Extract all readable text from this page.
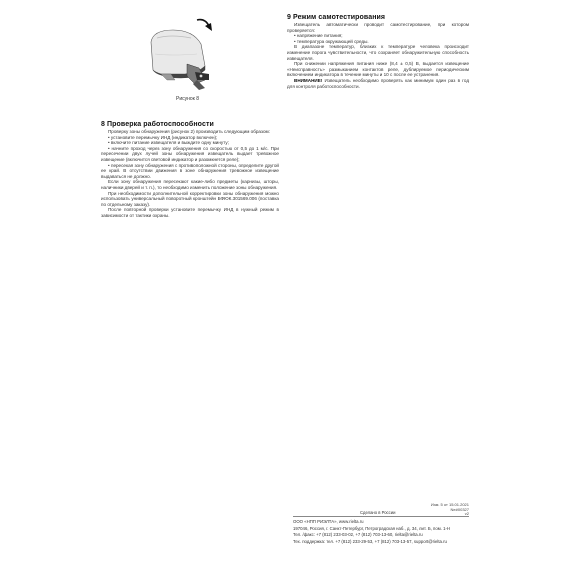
Рисунок 8
8 Проверка работоспособности

Проверку зоны обнаружения (рисунок 2) производить следующим образом:

• установите перемычку ИНД (индикатор включен);

• включите питание извещателя и выждите одну минуту;

• начните проход через зону обнаружения со скоростью от 0,5 до 1 м/с. При пересечении двух лучей зоны обнаружения извещатель выдает тревожное извещение (включится световой индикатор и разомкнется реле);

• пересекая зону обнаружения с противоположной стороны, определите другой ее край. В отсутствии движения в зоне обнаружения тревожное извещение выдаваться не должно.

Если зону обнаружения пересекают какие-либо предметы (карнизы, шторы, наличники дверей и т. п.), то необходимо изменить положение зоны обнаружения.

При необходимости дополнительной корректировки зоны обнаружения можно использовать универсальный поворотный кронштейн БФЮК.301569.006 (поставка по отдельному заказу).

После повторной проверки установите перемычку ИНД в нужный режим в зависимости от тактики охраны.

9 Режим самотестирования

Извещатель автоматически проводит самотестирование, при котором проверяется:

• напряжение питания;

• температура окружающей среды.

В диапазоне температур, близких к температуре человека происходит изменение порога чувствительности, что сохраняет обнаружительную способность извещателя.

При снижении напряжения питания ниже (8,4 ± 0,5) В, выдается извещение «Неисправность» размыканием контактов реле, дублируемое периодическим включением индикатора в течение минуты и 10 с после ее устранения.

ВНИМАНИЕ! Извещатель необходимо проверять как минимум один раз в год для контроля работоспособности.

Изм. 5 от 15.01.2021
Ne#00327
v2
Сделано в России
ООО «НПП РИЭЛТА», www.rielta.ru
197046, Россия, г. Санкт-Петербург, Петроградская наб., д. 34, лит. Б, пом. 1-Н
Тел. /факс: +7 (812) 233-03-02, +7 (812) 703-13-60, rielta@rielta.ru
Тех. поддержка: тел. +7 (812) 233-29-53, +7 (812) 703-13-57, support@rielta.ru
